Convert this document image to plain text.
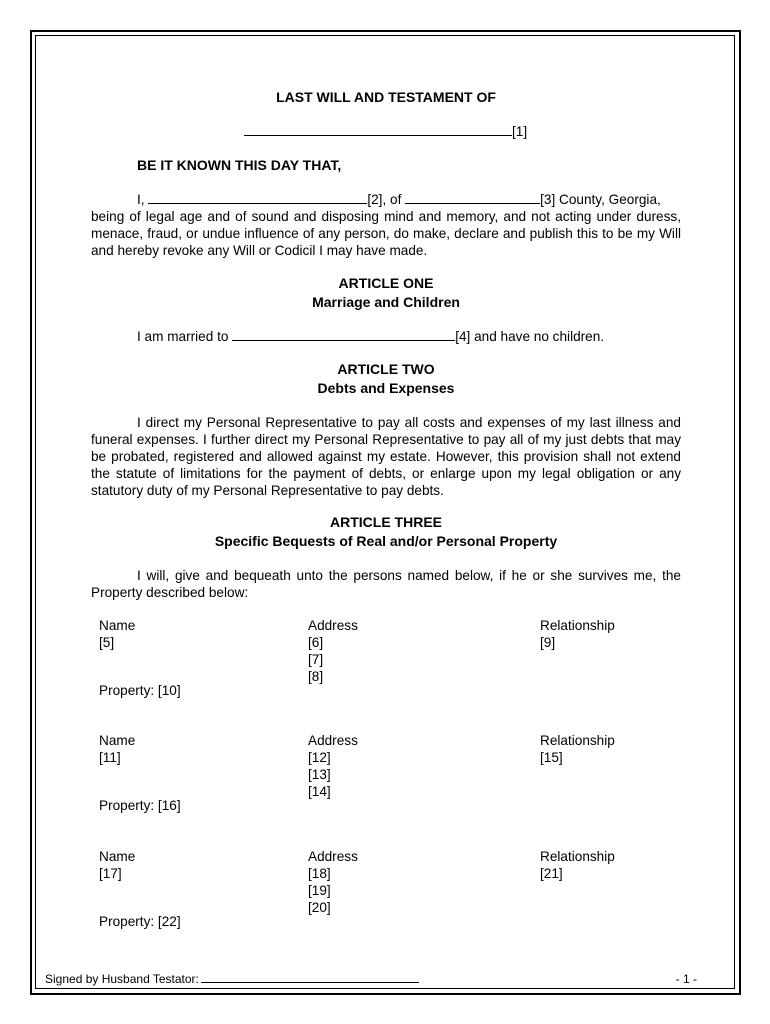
LAST WILL AND TESTAMENT OF
[1]
BE IT KNOWN THIS DAY THAT,
I,	[2], of	[3] County, Georgia,
being of legal age and of sound and disposing mind and memory, and not acting under duress, menace, fraud, or undue influence of any person, do make, declare and publish this to be my Will and hereby revoke any Will or Codicil I may have made.
ARTICLE ONE
Marriage and Children
I am married to	[4] and have no children.
ARTICLE TWO
Debts and Expenses
I direct my Personal Representative to pay all costs and expenses of my last illness and funeral expenses. I further direct my Personal Representative to pay all of my just debts that may be probated, registered and allowed against my estate. However, this provision shall not extend the statute of limitations for the payment of debts, or enlarge upon my legal obligation or any statutory duty of my Personal Representative to pay debts.
ARTICLE THREE
Specific Bequests of Real and/or Personal Property
I will, give and bequeath unto the persons named below, if he or she survives me, the Property described below:
Name	Address	Relationship
[5]	[6]	[9]
[7]
[8]
Property: [10]
Name	Address	Relationship
[11]	[12]	[15]
[13]
[14]
Property: [16]
Name	Address	Relationship
[17]	[18]	[21]
[19]
[20]
Property: [22]
Signed by Husband Testator:	- 1 -
